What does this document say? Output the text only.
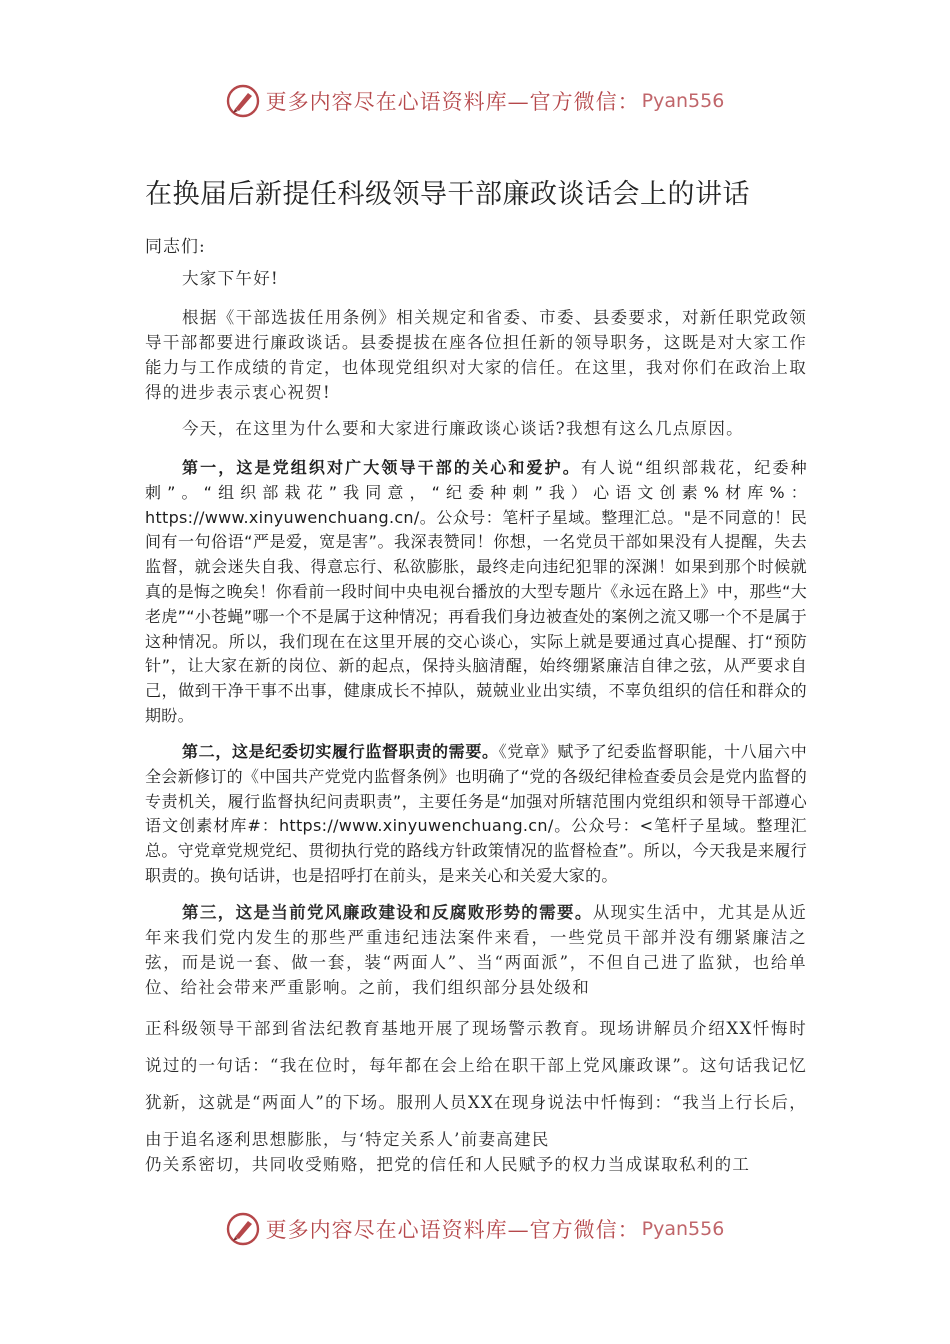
更多内容尽在心语资料库—官方微信： Pyan556
在换届后新提任科级领导干部廉政谈话会上的讲话
同志们:

大家下午好!

根据《干部选拔任用条例》相关规定和省委、市委、县委要求，对新任职党政领导干部都要进行廉政谈话。县委提拔在座各位担任新的领导职务，这既是对大家工作能力与工作成绩的肯定，也体现党组织对大家的信任。在这里，我对你们在政治上取得的进步表示衷心祝贺!

今天，在这里为什么要和大家进行廉政谈心谈话?我想有这么几点原因。

第一，这是党组织对广大领导干部的关心和爱护。有人说“组织部栽花，纪委种刺”。“组织部栽花”我同意，“纪委种刺”我）心语文创素%材库%：https://www.xinyuwenchuang.cn/。公众号：笔杆子星域。整理汇总。"是不同意的！民间有一句俗语“严是爱，宽是害”。我深表赞同！你想，一名党员干部如果没有人提醒，失去监督，就会迷失自我、得意忘行、私欲膨胀，最终走向违纪犯罪的深渊！如果到那个时候就真的是悔之晚矣！你看前一段时间中央电视台播放的大型专题片《永远在路上》中，那些“大老虎”“小苍蝇”哪一个不是属于这种情况；再看我们身边被查处的案例之流又哪一个不是属于这种情况。所以，我们现在在这里开展的交心谈心，实际上就是要通过真心提醒、打“预防针”，让大家在新的岗位、新的起点，保持头脑清醒，始终绷紧廉洁自律之弦，从严要求自己，做到干净干事不出事，健康成长不掉队，兢兢业业出实绩，不辜负组织的信任和群众的期盼。

第二，这是纪委切实履行监督职责的需要。《党章》赋予了纪委监督职能，十八届六中全会新修订的《中国共产党党内监督条例》也明确了“党的各级纪律检查委员会是党内监督的专责机关，履行监督执纪问责职责”，主要任务是“加强对所辖范围内党组织和领导干部遵心语文创素材库#：https://www.xinyuwenchuang.cn/。公众号：<笔杆子星域。整理汇总。守党章党规党纪、贯彻执行党的路线方针政策情况的监督检查”。所以，今天我是来履行职责的。换句话讲，也是招呼打在前头，是来关心和关爱大家的。

第三，这是当前党风廉政建设和反腐败形势的需要。从现实生活中，尤其是从近年来我们党内发生的那些严重违纪违法案件来看，一些党员干部并没有绷紧廉洁之弦，而是说一套、做一套，装“两面人”、当“两面派”，不但自己进了监狱，也给单位、给社会带来严重影响。之前，我们组织部分县处级和

正科级领导干部到省法纪教育基地开展了现场警示教育。现场讲解员介绍XX忏悔时说过的一句话：“我在位时，每年都在会上给在职干部上党风廉政课”。这句话我记忆犹新，这就是“两面人”的下场。服刑人员XX在现身说法中忏悔到：“我当上行长后，由于追名逐利思想膨胀，与‘特定关系人’前妻高建民

仍关系密切，共同收受贿赂，把党的信任和人民赋予的权力当成谋取私利的工

更多内容尽在心语资料库—官方微信： Pyan556
